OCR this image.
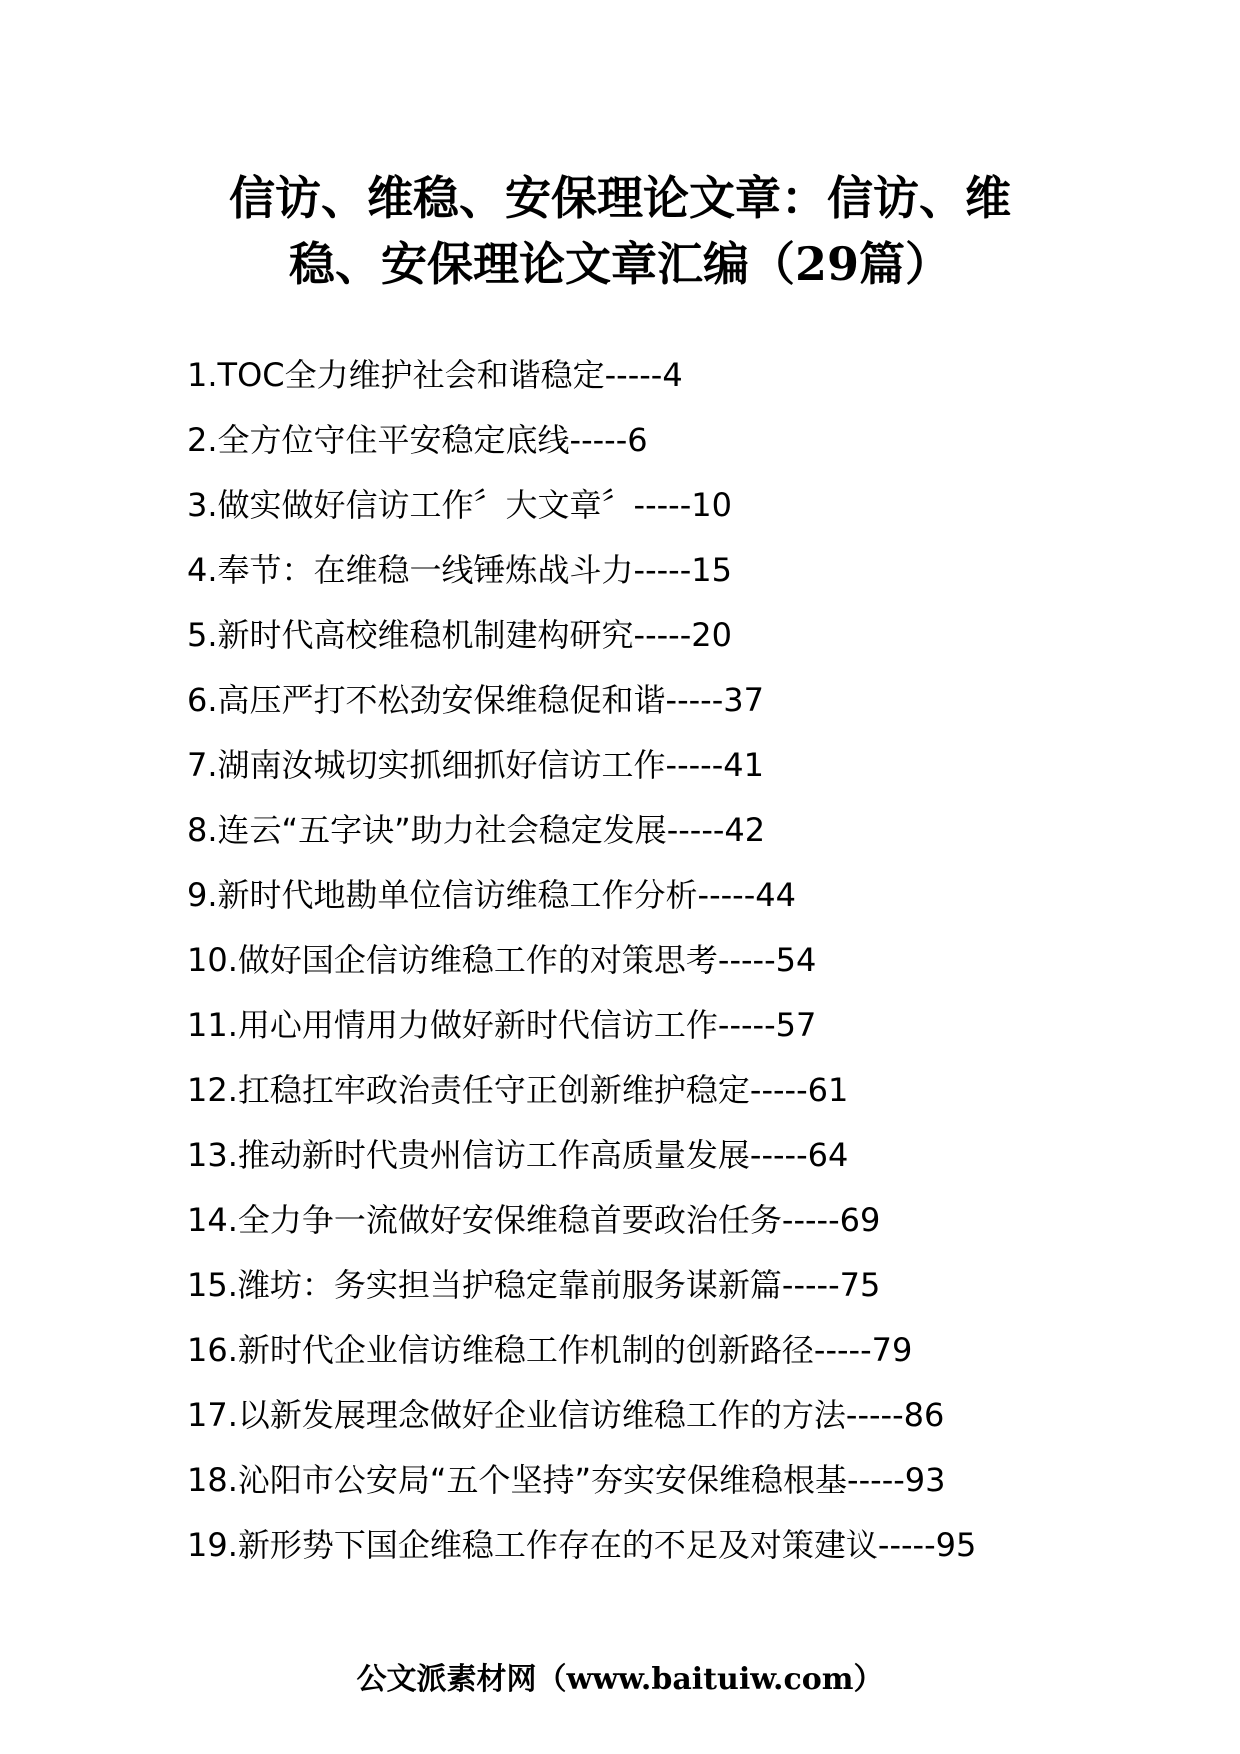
信访、维稳、安保理论文章：信访、维
稳、安保理论文章汇编（29篇）
1.TOC全力维护社会和谐稳定-----4
2.全方位守住平安稳定底线-----6
3.做实做好信访工作〞大文章〞-----10
4.奉节：在维稳一线锤炼战斗力-----15
5.新时代高校维稳机制建构研究-----20
6.高压严打不松劲安保维稳促和谐-----37
7.湖南汝城切实抓细抓好信访工作-----41
8.连云“五字诀”助力社会稳定发展-----42
9.新时代地勘单位信访维稳工作分析-----44
10.做好国企信访维稳工作的对策思考-----54
11.用心用情用力做好新时代信访工作-----57
12.扛稳扛牢政治责任守正创新维护稳定-----61
13.推动新时代贵州信访工作高质量发展-----64
14.全力争一流做好安保维稳首要政治任务-----69
15.潍坊：务实担当护稳定靠前服务谋新篇-----75
16.新时代企业信访维稳工作机制的创新路径-----79
17.以新发展理念做好企业信访维稳工作的方法-----86
18.沁阳市公安局“五个坚持”夯实安保维稳根基-----93
19.新形势下国企维稳工作存在的不足及对策建议-----95
公文派素材网（www.baituiw.com）
